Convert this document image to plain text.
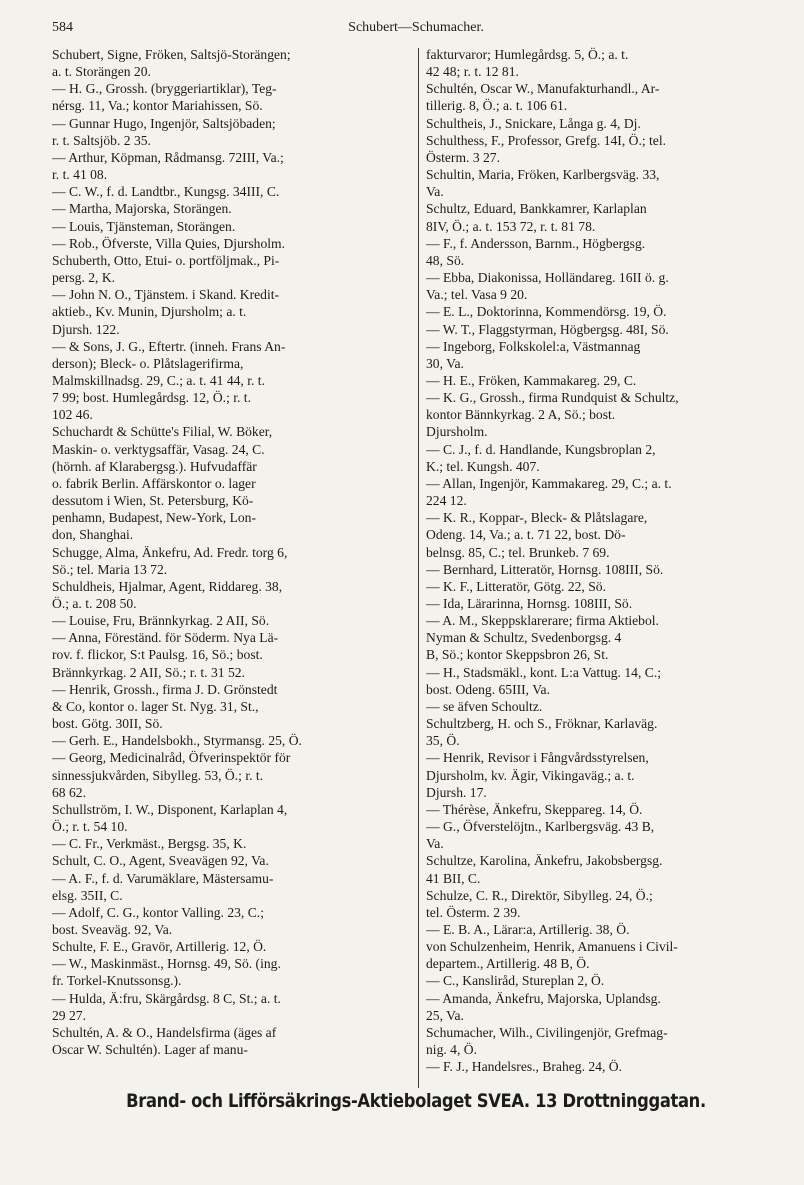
584	Schubert—Schumacher.
Schubert, Signe, Fröken, Saltsjö-Storängen;
a. t. Storängen 20.
— H. G., Grossh. (bryggeriartiklar), Teg-
nérsg. 11, Va.; kontor Mariahissen, Sö.
— Gunnar Hugo, Ingenjör, Saltsjöbaden;
r. t. Saltsjöb. 2 35.
— Arthur, Köpman, Rådmansg. 72III, Va.;
r. t. 41 08.
— C. W., f. d. Landtbr., Kungsg. 34III, C.
— Martha, Majorska, Storängen.
— Louis, Tjänsteman, Storängen.
— Rob., Öfverste, Villa Quies, Djursholm.
Schuberth, Otto, Etui- o. portföljmak., Pi-
persg. 2, K.
— John N. O., Tjänstem. i Skand. Kredit-
aktieb., Kv. Munin, Djursholm; a. t.
Djursh. 122.
— & Sons, J. G., Eftertr. (inneh. Frans An-
derson); Bleck- o. Plåtslagerifirma,
Malmskillnadsg. 29, C.; a. t. 41 44, r. t.
7 99; bost. Humlegårdsg. 12, Ö.; r. t.
102 46.
Schuchardt & Schütte's Filial, W. Böker,
Maskin- o. verktygsaffär, Vasag. 24, C.
(hörnh. af Klarabergsg.). Hufvudaffär
o. fabrik Berlin. Affärskontor o. lager
dessutom i Wien, St. Petersburg, Kö-
penhamn, Budapest, New-York, Lon-
don, Shanghai.
Schugge, Alma, Änkefru, Ad. Fredr. torg 6,
Sö.; tel. Maria 13 72.
Schuldheis, Hjalmar, Agent, Riddareg. 38,
Ö.; a. t. 208 50.
— Louise, Fru, Brännkyrkag. 2 AII, Sö.
— Anna, Föreständ. för Söderm. Nya Lä-
rov. f. flickor, S:t Paulsg. 16, Sö.; bost.
Brännkyrkag. 2 AII, Sö.; r. t. 31 52.
— Henrik, Grossh., firma J. D. Grönstedt
& Co, kontor o. lager St. Nyg. 31, St.,
bost. Götg. 30II, Sö.
— Gerh. E., Handelsbokh., Styrmansg. 25, Ö.
— Georg, Medicinalråd, Öfverinspektör för
sinnessjukvården, Sibylleg. 53, Ö.; r. t.
68 62.
Schullström, I. W., Disponent, Karlaplan 4,
Ö.; r. t. 54 10.
— C. Fr., Verkmäst., Bergsg. 35, K.
Schult, C. O., Agent, Sveavägen 92, Va.
— A. F., f. d. Varumäklare, Mästersamu-
elsg. 35II, C.
— Adolf, C. G., kontor Valling. 23, C.;
bost. Sveaväg. 92, Va.
Schulte, F. E., Gravör, Artillerig. 12, Ö.
— W., Maskinmäst., Hornsg. 49, Sö. (ing.
fr. Torkel-Knutssonsg.).
— Hulda, Ä:fru, Skärgårdsg. 8 C, St.; a. t.
29 27.
Schultén, A. & O., Handelsfirma (äges af
Oscar W. Schultén). Lager af manu-
fakturvaror; Humlegårdsg. 5, Ö.; a. t.
42 48; r. t. 12 81.
Schultén, Oscar W., Manufakturhandl., Ar-
tillerig. 8, Ö.; a. t. 106 61.
Schultheis, J., Snickare, Långa g. 4, Dj.
Schulthess, F., Professor, Grefg. 14I, Ö.; tel.
Österm. 3 27.
Schultin, Maria, Fröken, Karlbergsväg. 33,
Va.
Schultz, Eduard, Bankkamrer, Karlaplan
8IV, Ö.; a. t. 153 72, r. t. 81 78.
— F., f. Andersson, Barnm., Högbergsg.
48, Sö.
— Ebba, Diakonissa, Holländareg. 16II ö. g.
Va.; tel. Vasa 9 20.
— E. L., Doktorinna, Kommendörsg. 19, Ö.
— W. T., Flaggstyrman, Högbergsg. 48I, Sö.
— Ingeborg, Folkskolel:a, Västmannag
30, Va.
— H. E., Fröken, Kammakareg. 29, C.
— K. G., Grossh., firma Rundquist & Schultz,
kontor Bännkyrkag. 2 A, Sö.; bost.
Djursholm.
— C. J., f. d. Handlande, Kungsbroplan 2,
K.; tel. Kungsh. 407.
— Allan, Ingenjör, Kammakareg. 29, C.; a. t.
224 12.
— K. R., Koppar-, Bleck- & Plåtslagare,
Odeng. 14, Va.; a. t. 71 22, bost. Dö-
belnsg. 85, C.; tel. Brunkeb. 7 69.
— Bernhard, Litteratör, Hornsg. 108III, Sö.
— K. F., Litteratör, Götg. 22, Sö.
— Ida, Lärarinna, Hornsg. 108III, Sö.
— A. M., Skeppsklarerare; firma Aktiebol.
Nyman & Schultz, Svedenborgsg. 4
B, Sö.; kontor Skeppsbron 26, St.
— H., Stadsmäkl., kont. L:a Vattug. 14, C.;
bost. Odeng. 65III, Va.
— se äfven Schoultz.
Schultzberg, H. och S., Fröknar, Karlaväg.
35, Ö.
— Henrik, Revisor i Fångvårdsstyrelsen,
Djursholm, kv. Ägir, Vikingaväg.; a. t.
Djursh. 17.
— Thérèse, Änkefru, Skeppareg. 14, Ö.
— G., Öfverstelöjtn., Karlbergsväg. 43 B,
Va.
Schultze, Karolina, Änkefru, Jakobsbergsg.
41 BII, C.
Schulze, C. R., Direktör, Sibylleg. 24, Ö.;
tel. Österm. 2 39.
— E. B. A., Lärar:a, Artillerig. 38, Ö.
von Schulzenheim, Henrik, Amanuens i Civil-
departem., Artillerig. 48 B, Ö.
— C., Kansliråd, Stureplan 2, Ö.
— Amanda, Änkefru, Majorska, Uplandsg.
25, Va.
Schumacher, Wilh., Civilingenjör, Grefmag-
nig. 4, Ö.
— F. J., Handelsres., Braheg. 24, Ö.
Brand- och Lifförsäkrings-Aktiebolaget SVEA. 13 Drottninggatan.
